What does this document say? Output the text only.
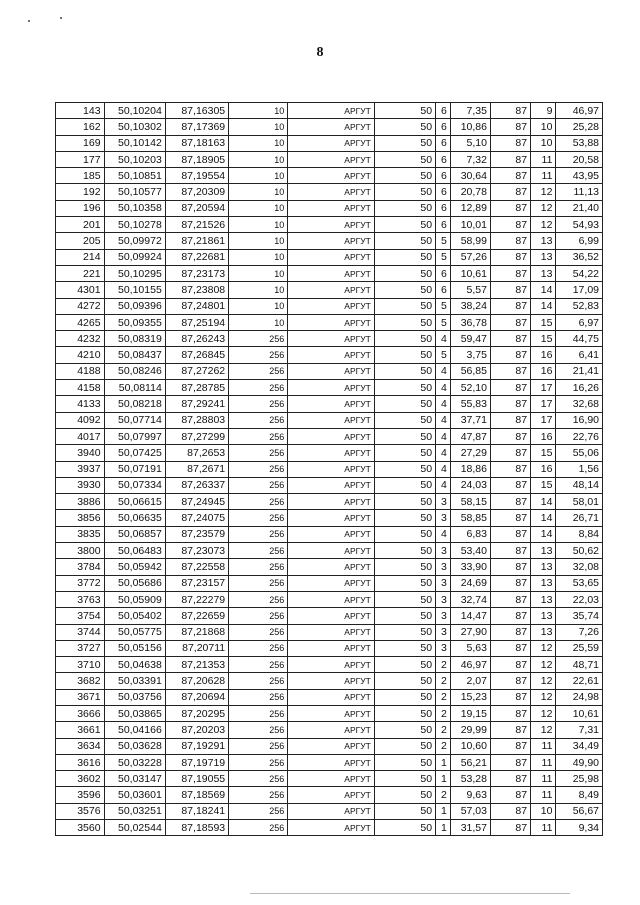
8
143	50,10204	87,16305	10	АРГУТ	50	6	7,35	87	9	46,97
162	50,10302	87,17369	10	АРГУТ	50	6	10,86	87	10	25,28
169	50,10142	87,18163	10	АРГУТ	50	6	5,10	87	10	53,88
177	50,10203	87,18905	10	АРГУТ	50	6	7,32	87	11	20,58
185	50,10851	87,19554	10	АРГУТ	50	6	30,64	87	11	43,95
192	50,10577	87,20309	10	АРГУТ	50	6	20,78	87	12	11,13
196	50,10358	87,20594	10	АРГУТ	50	6	12,89	87	12	21,40
201	50,10278	87,21526	10	АРГУТ	50	6	10,01	87	12	54,93
205	50,09972	87,21861	10	АРГУТ	50	5	58,99	87	13	6,99
214	50,09924	87,22681	10	АРГУТ	50	5	57,26	87	13	36,52
221	50,10295	87,23173	10	АРГУТ	50	6	10,61	87	13	54,22
4301	50,10155	87,23808	10	АРГУТ	50	6	5,57	87	14	17,09
4272	50,09396	87,24801	10	АРГУТ	50	5	38,24	87	14	52,83
4265	50,09355	87,25194	10	АРГУТ	50	5	36,78	87	15	6,97
4232	50,08319	87,26243	256	АРГУТ	50	4	59,47	87	15	44,75
4210	50,08437	87,26845	256	АРГУТ	50	5	3,75	87	16	6,41
4188	50,08246	87,27262	256	АРГУТ	50	4	56,85	87	16	21,41
4158	50,08114	87,28785	256	АРГУТ	50	4	52,10	87	17	16,26
4133	50,08218	87,29241	256	АРГУТ	50	4	55,83	87	17	32,68
4092	50,07714	87,28803	256	АРГУТ	50	4	37,71	87	17	16,90
4017	50,07997	87,27299	256	АРГУТ	50	4	47,87	87	16	22,76
3940	50,07425	87,2653	256	АРГУТ	50	4	27,29	87	15	55,06
3937	50,07191	87,2671	256	АРГУТ	50	4	18,86	87	16	1,56
3930	50,07334	87,26337	256	АРГУТ	50	4	24,03	87	15	48,14
3886	50,06615	87,24945	256	АРГУТ	50	3	58,15	87	14	58,01
3856	50,06635	87,24075	256	АРГУТ	50	3	58,85	87	14	26,71
3835	50,06857	87,23579	256	АРГУТ	50	4	6,83	87	14	8,84
3800	50,06483	87,23073	256	АРГУТ	50	3	53,40	87	13	50,62
3784	50,05942	87,22558	256	АРГУТ	50	3	33,90	87	13	32,08
3772	50,05686	87,23157	256	АРГУТ	50	3	24,69	87	13	53,65
3763	50,05909	87,22279	256	АРГУТ	50	3	32,74	87	13	22,03
3754	50,05402	87,22659	256	АРГУТ	50	3	14,47	87	13	35,74
3744	50,05775	87,21868	256	АРГУТ	50	3	27,90	87	13	7,26
3727	50,05156	87,20711	256	АРГУТ	50	3	5,63	87	12	25,59
3710	50,04638	87,21353	256	АРГУТ	50	2	46,97	87	12	48,71
3682	50,03391	87,20628	256	АРГУТ	50	2	2,07	87	12	22,61
3671	50,03756	87,20694	256	АРГУТ	50	2	15,23	87	12	24,98
3666	50,03865	87,20295	256	АРГУТ	50	2	19,15	87	12	10,61
3661	50,04166	87,20203	256	АРГУТ	50	2	29,99	87	12	7,31
3634	50,03628	87,19291	256	АРГУТ	50	2	10,60	87	11	34,49
3616	50,03228	87,19719	256	АРГУТ	50	1	56,21	87	11	49,90
3602	50,03147	87,19055	256	АРГУТ	50	1	53,28	87	11	25,98
3596	50,03601	87,18569	256	АРГУТ	50	2	9,63	87	11	8,49
3576	50,03251	87,18241	256	АРГУТ	50	1	57,03	87	10	56,67
3560	50,02544	87,18593	256	АРГУТ	50	1	31,57	87	11	9,34
